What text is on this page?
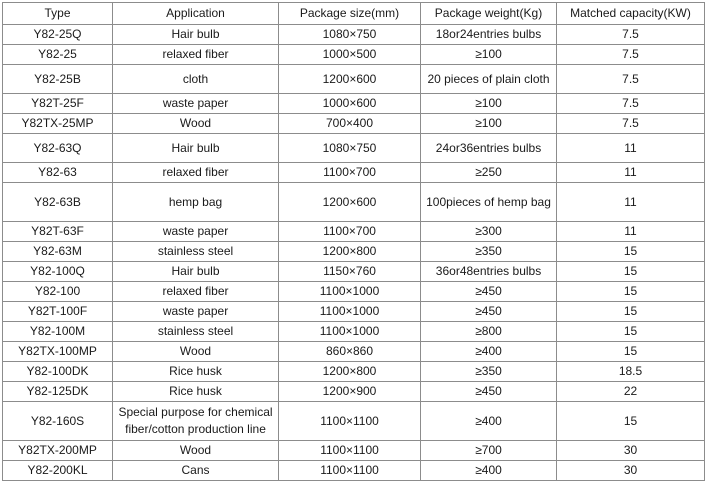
Type	Application	Package size(mm)	Package weight(Kg)	Matched capacity(KW)
Y82-25Q	Hair bulb	1080×750	18or24entries bulbs	7.5
Y82-25	relaxed fiber	1000×500	≥100	7.5
Y82-25B	cloth	1200×600	20 pieces of plain cloth	7.5
Y82T-25F	waste paper	1000×600	≥100	7.5
Y82TX-25MP	Wood	700×400	≥100	7.5
Y82-63Q	Hair bulb	1080×750	24or36entries bulbs	11
Y82-63	relaxed fiber	1100×700	≥250	11
Y82-63B	hemp bag	1200×600	100pieces of hemp bag	11
Y82T-63F	waste paper	1100×700	≥300	11
Y82-63M	stainless steel	1200×800	≥350	15
Y82-100Q	Hair bulb	1150×760	36or48entries bulbs	15
Y82-100	relaxed fiber	1100×1000	≥450	15
Y82T-100F	waste paper	1100×1000	≥450	15
Y82-100M	stainless steel	1100×1000	≥800	15
Y82TX-100MP	Wood	860×860	≥400	15
Y82-100DK	Rice husk	1200×800	≥350	18.5
Y82-125DK	Rice husk	1200×900	≥450	22
Y82-160S	Special purpose for chemical fiber/cotton production line	1100×1100	≥400	15
Y82TX-200MP	Wood	1100×1100	≥700	30
Y82-200KL	Cans	1100×1100	≥400	30
